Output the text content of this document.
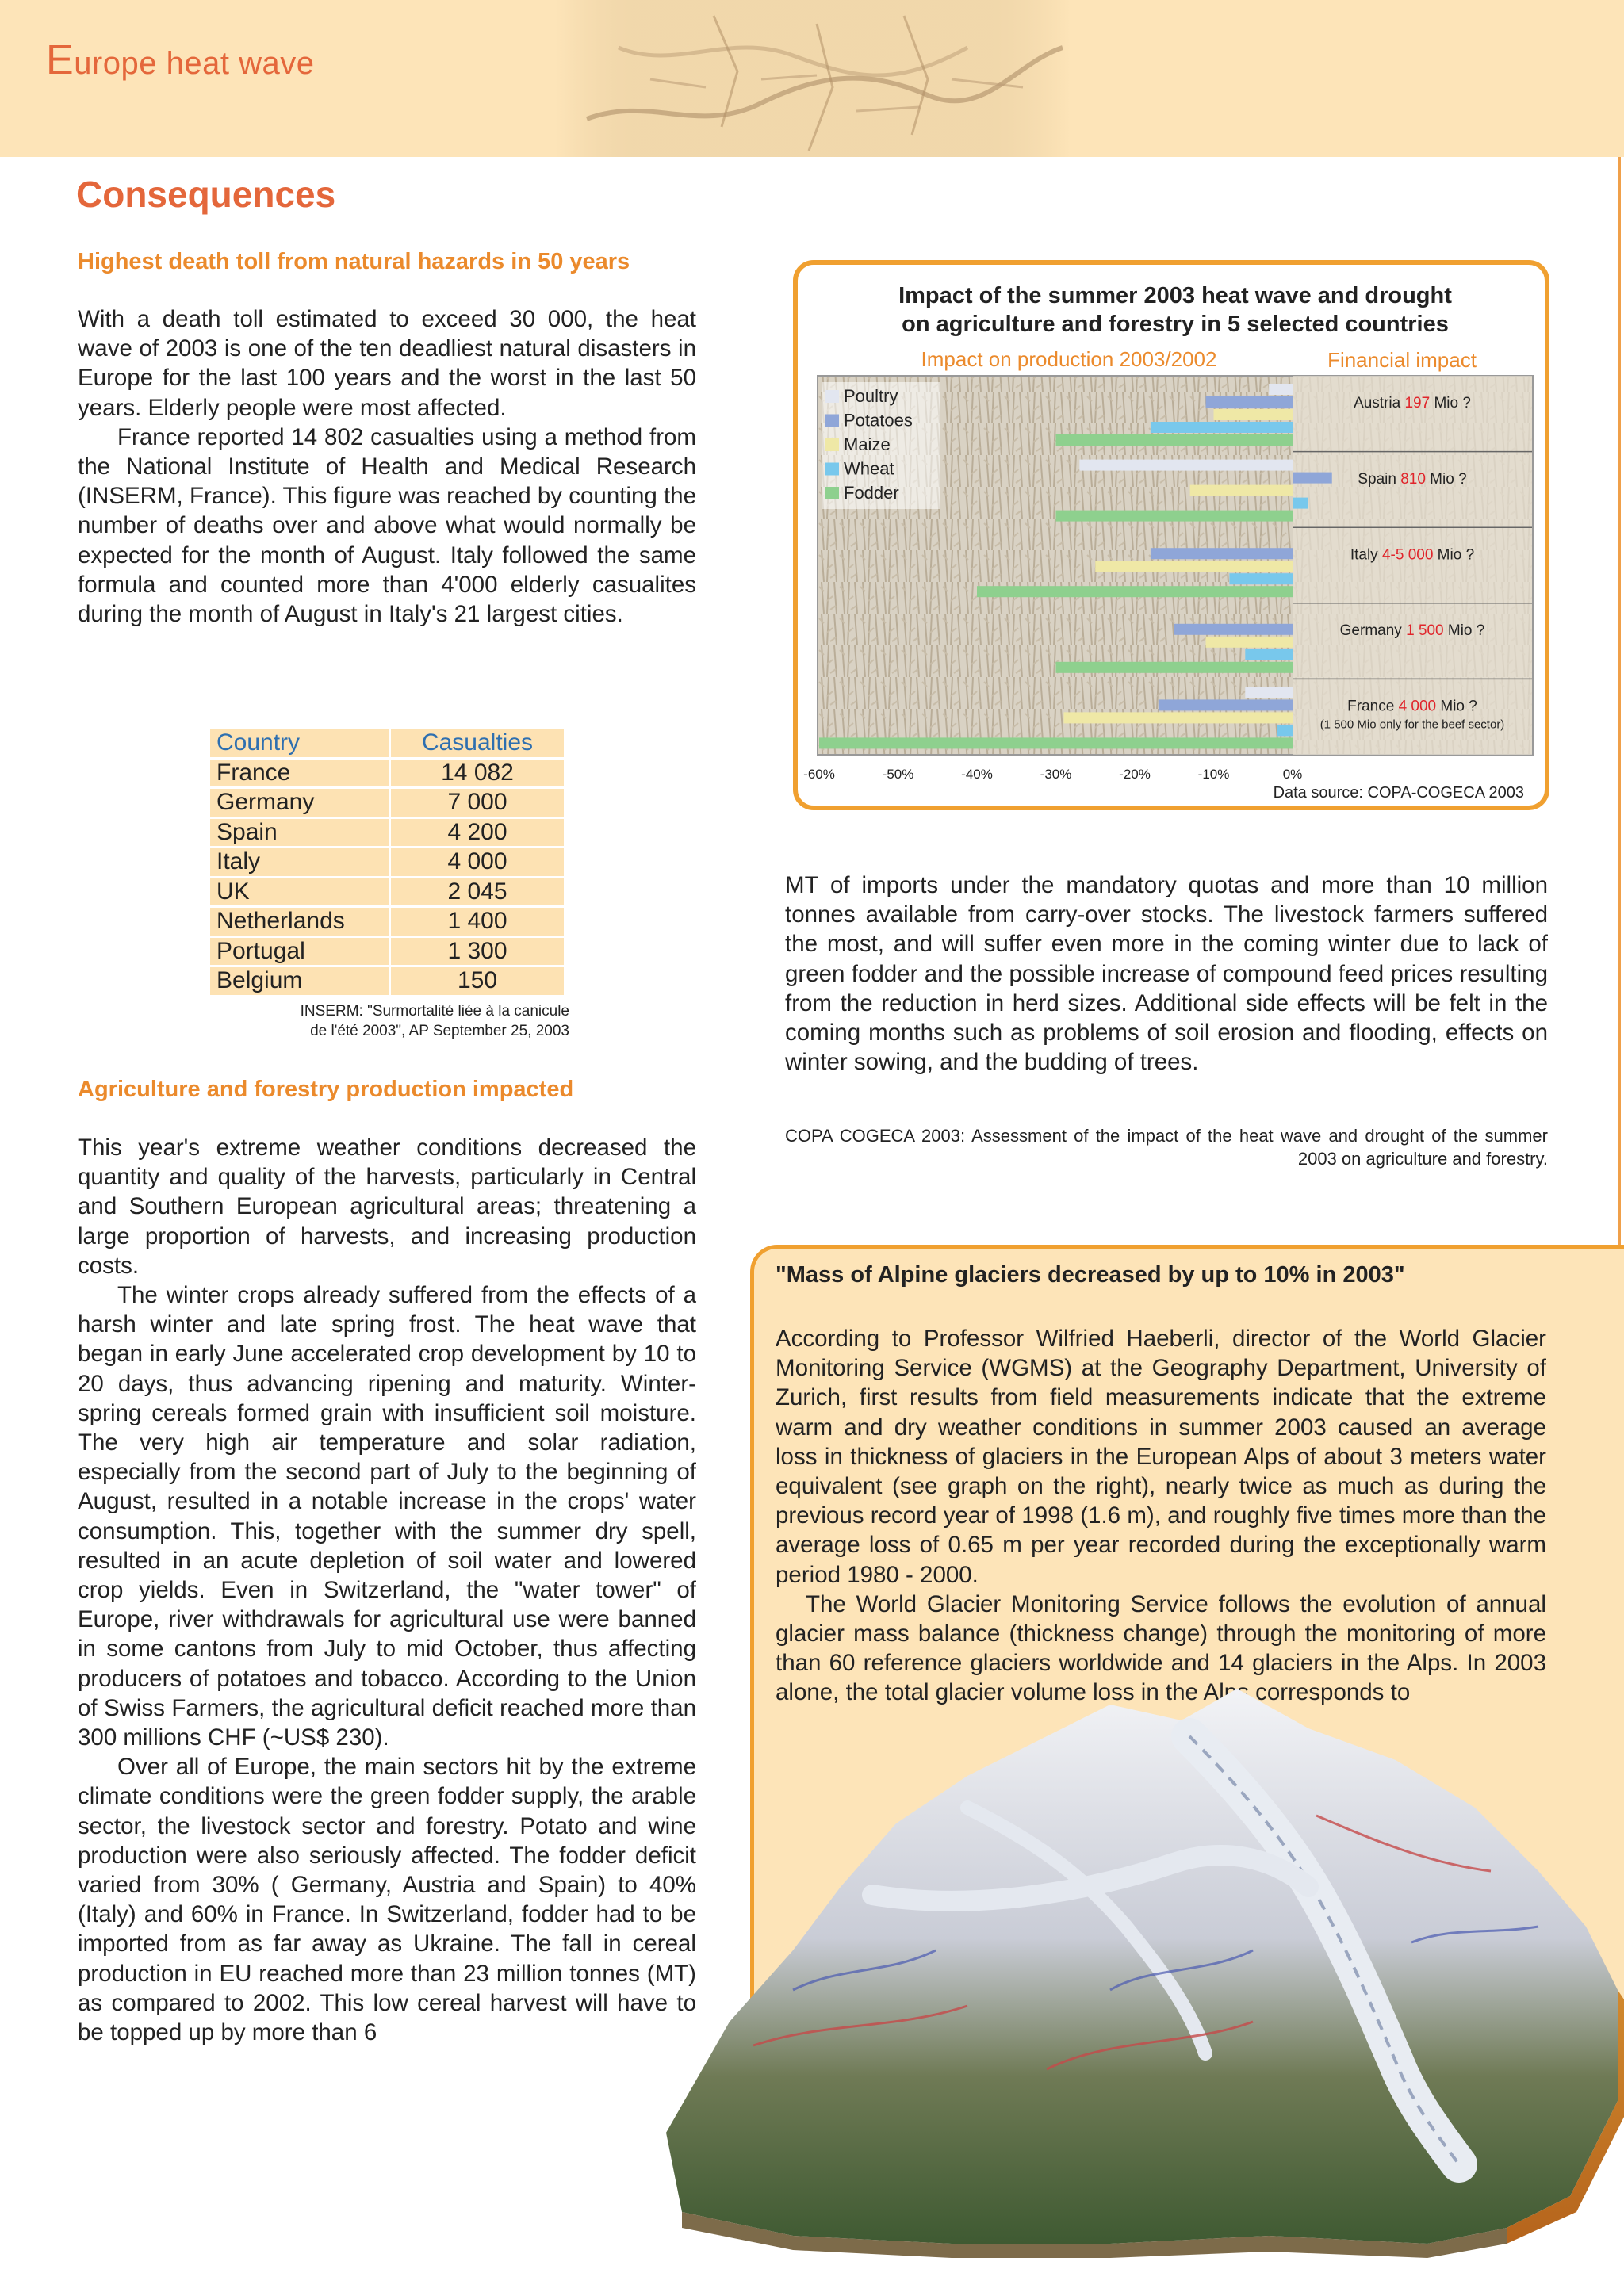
Europe heat wave
Consequences
Highest death toll from natural hazards in 50 years

With a death toll estimated to exceed 30 000, the heat wave of 2003 is one of the ten deadliest natural disasters in Europe for the last 100 years and the worst in the last 50 years. Elderly people were most affected.

France reported 14 802 casualties using a method from the National Institute of Health and Medical Research (INSERM, France). This figure was reached by counting the number of deaths over and above what would normally be expected for the month of August. Italy followed the same formula and counted more than 4'000 elderly casualites during the month of August in Italy's 21 largest cities.

Country	Casualties
France	14 082
Germany	7 000
Spain	4 200
Italy	4 000
UK	2 045
Netherlands	1 400
Portugal	1 300
Belgium	150
INSERM: "Surmortalité liée à la canicule
de l'été 2003", AP September 25, 2003
Agriculture and forestry production impacted

This year's extreme weather conditions decreased the quantity and quality of the harvests, particularly in Central and Southern European agricultural areas; threatening a large proportion of harvests, and increasing production costs.

The winter crops already suffered from the effects of a harsh winter and late spring frost. The heat wave that began in early June accelerated crop development by 10 to 20 days, thus advancing ripening and maturity. Winter-spring cereals formed grain with insufficient soil moisture. The very high air temperature and solar radiation, especially from the second part of July to the beginning of August, resulted in a notable increase in the crops' water consumption. This, together with the summer dry spell, resulted in an acute depletion of soil water and lowered crop yields. Even in Switzerland, the "water tower" of Europe, river withdrawals for agricultural use were banned in some cantons from July to mid October, thus affecting producers of potatoes and tobacco. According to the Union of Swiss Farmers, the agricultural deficit reached more than 300 millions CHF (~US$ 230).

Over all of Europe, the main sectors hit by the extreme climate conditions were the green fodder supply, the arable sector, the livestock sector and forestry. Potato and wine production were also seriously affected. The fodder deficit varied from 30% ( Germany, Austria and Spain) to 40% (Italy) and 60% in France. In Switzerland, fodder had to be imported from as far away as Ukraine. The fall in cereal production in EU reached more than 23 million tonnes (MT) as compared to 2002. This low cereal harvest will have to be topped up by more than 6

Impact of the summer 2003 heat wave and drought
on agriculture and forestry in 5 selected countries
Impact on production 2003/2002	Financial impact
Austria 197 Mio ?
Spain 810 Mio ?
Italy 4-5 000 Mio ?
Germany 1 500 Mio ?
France 4 000 Mio ?
(1 500 Mio only for the beef sector)
-60%	-50%	-40%	-30%	-20%	-10%	0%
Poultry
Potatoes
Maize
Wheat
Fodder
Data source: COPA-COGECA 2003

MT of imports under the mandatory quotas and more than 10 million tonnes available from carry-over stocks. The livestock farmers suffered the most, and will suffer even more in the coming winter due to lack of green fodder and the possible increase of compound feed prices resulting from the reduction in herd sizes. Additional side effects will be felt in the coming months such as problems of soil erosion and flooding, effects on winter sowing, and the budding of trees.

COPA COGECA 2003: Assessment of the impact of the heat wave and drought of the summer 2003 on agriculture and forestry.
"Mass of Alpine glaciers decreased by up to 10% in 2003"

According to Professor Wilfried Haeberli, director of the World Glacier Monitoring Service (WGMS) at the Geography Department, University of Zurich, first results from field measurements indicate that the extreme warm and dry weather conditions in summer 2003 caused an average loss in thickness of glaciers in the European Alps of about 3 meters water equivalent (see graph on the right), nearly twice as much as during the previous record year of 1998 (1.6 m), and roughly five times more than the average loss of 0.65 m per year recorded during the exceptionally warm period 1980 - 2000.

The World Glacier Monitoring Service follows the evolution of annual glacier mass balance (thickness change) through the monitoring of more than 60 reference glaciers worldwide and 14 glaciers in the Alps. In 2003 alone, the total glacier volume loss in the Alps corresponds to
